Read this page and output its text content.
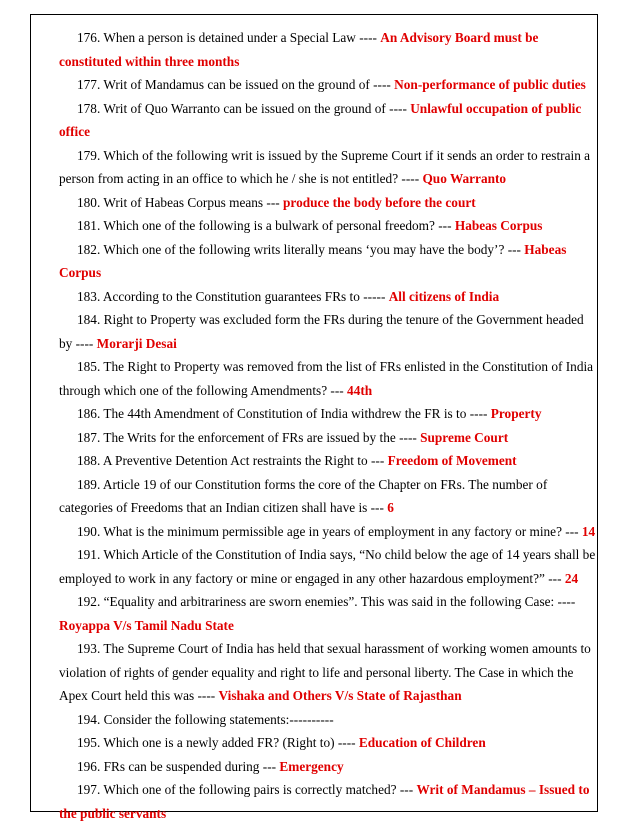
176. When a person is detained under a Special Law ---- An Advisory Board must be constituted within three months

177. Writ of Mandamus can be issued on the ground of ---- Non-performance of public duties

178. Writ of Quo Warranto can be issued on the ground of ---- Unlawful occupation of public office

179. Which of the following writ is issued by the Supreme Court if it sends an order to restrain a person from acting in an office to which he / she is not entitled? ---- Quo Warranto

180. Writ of Habeas Corpus means --- produce the body before the court

181. Which one of the following is a bulwark of personal freedom? --- Habeas Corpus

182. Which one of the following writs literally means ‘you may have the body’? --- Habeas Corpus

183. According to the Constitution guarantees FRs to ----- All citizens of India

184. Right to Property was excluded form the FRs during the tenure of the Government headed by ---- Morarji Desai

185. The Right to Property was removed from the list of FRs enlisted in the Constitution of India through which one of the following Amendments? --- 44th

186. The 44th Amendment of Constitution of India withdrew the FR is to ---- Property

187. The Writs for the enforcement of FRs are issued by the ---- Supreme Court

188. A Preventive Detention Act restraints the Right to --- Freedom of Movement

189. Article 19 of our Constitution forms the core of the Chapter on FRs. The number of categories of Freedoms that an Indian citizen shall have is --- 6

190. What is the minimum permissible age in years of employment in any factory or mine? --- 14

191. Which Article of the Constitution of India says, “No child below the age of 14 years shall be employed to work in any factory or mine or engaged in any other hazardous employment?” --- 24

192. “Equality and arbitrariness are sworn enemies”. This was said in the following Case: ---- Royappa V/s Tamil Nadu State

193. The Supreme Court of India has held that sexual harassment of working women amounts to violation of rights of gender equality and right to life and personal liberty. The Case in which the Apex Court held this was ---- Vishaka and Others V/s State of Rajasthan

194. Consider the following statements:----------

195. Which one is a newly added FR? (Right to) ---- Education of Children

196. FRs can be suspended during --- Emergency

197. Which one of the following pairs is correctly matched? --- Writ of Mandamus – Issued to the public servants
